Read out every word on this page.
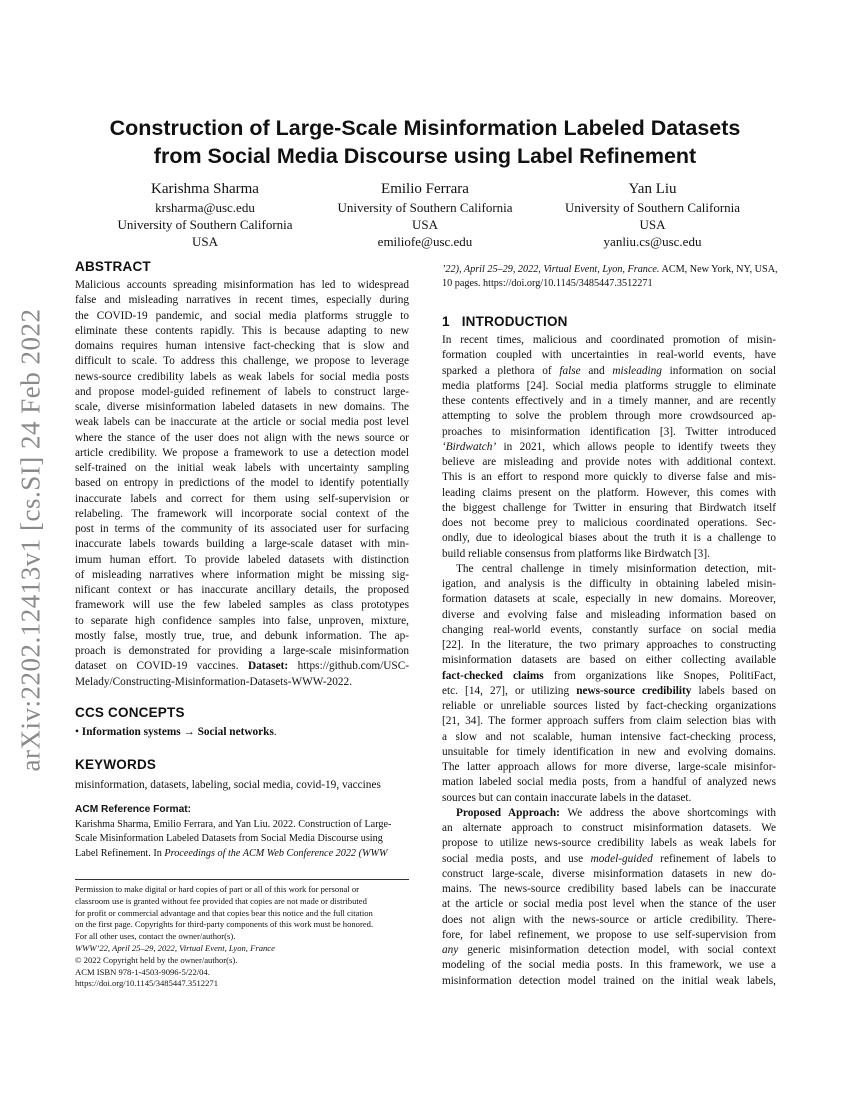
arXiv:2202.12413v1 [cs.SI] 24 Feb 2022
Construction of Large-Scale Misinformation Labeled Datasets
from Social Media Discourse using Label Refinement
Karishma Sharma
krsharma@usc.edu
University of Southern California
USA
Emilio Ferrara
University of Southern California
USA
emiliofe@usc.edu
Yan Liu
University of Southern California
USA
yanliu.cs@usc.edu
ABSTRACT
Malicious accounts spreading misinformation has led to widespread
false and misleading narratives in recent times, especially during
the COVID-19 pandemic, and social media platforms struggle to
eliminate these contents rapidly. This is because adapting to new
domains requires human intensive fact-checking that is slow and
difficult to scale. To address this challenge, we propose to leverage
news-source credibility labels as weak labels for social media posts
and propose model-guided refinement of labels to construct large-
scale, diverse misinformation labeled datasets in new domains. The
weak labels can be inaccurate at the article or social media post level
where the stance of the user does not align with the news source or
article credibility. We propose a framework to use a detection model
self-trained on the initial weak labels with uncertainty sampling
based on entropy in predictions of the model to identify potentially
inaccurate labels and correct for them using self-supervision or
relabeling. The framework will incorporate social context of the
post in terms of the community of its associated user for surfacing
inaccurate labels towards building a large-scale dataset with min-
imum human effort. To provide labeled datasets with distinction
of misleading narratives where information might be missing sig-
nificant context or has inaccurate ancillary details, the proposed
framework will use the few labeled samples as class prototypes
to separate high confidence samples into false, unproven, mixture,
mostly false, mostly true, true, and debunk information. The ap-
proach is demonstrated for providing a large-scale misinformation
dataset on COVID-19 vaccines. Dataset: https://github.com/USC-
Melady/Constructing-Misinformation-Datasets-WWW-2022.
CCS CONCEPTS
• Information systems → Social networks.
KEYWORDS
misinformation, datasets, labeling, social media, covid-19, vaccines
ACM Reference Format:
Karishma Sharma, Emilio Ferrara, and Yan Liu. 2022. Construction of Large-
Scale Misinformation Labeled Datasets from Social Media Discourse using
Label Refinement. In Proceedings of the ACM Web Conference 2022 (WWW
Permission to make digital or hard copies of part or all of this work for personal or
classroom use is granted without fee provided that copies are not made or distributed
for profit or commercial advantage and that copies bear this notice and the full citation
on the first page. Copyrights for third-party components of this work must be honored.
For all other uses, contact the owner/author(s).
WWW’22, April 25–29, 2022, Virtual Event, Lyon, France
© 2022 Copyright held by the owner/author(s).
ACM ISBN 978-1-4503-9096-5/22/04.
https://doi.org/10.1145/3485447.3512271
’22), April 25–29, 2022, Virtual Event, Lyon, France. ACM, New York, NY, USA,
10 pages. https://doi.org/10.1145/3485447.3512271
1 INTRODUCTION
In recent times, malicious and coordinated promotion of misin-
formation coupled with uncertainties in real-world events, have
sparked a plethora of false and misleading information on social
media platforms [24]. Social media platforms struggle to eliminate
these contents effectively and in a timely manner, and are recently
attempting to solve the problem through more crowdsourced ap-
proaches to misinformation identification [3]. Twitter introduced
‘Birdwatch’ in 2021, which allows people to identify tweets they
believe are misleading and provide notes with additional context.
This is an effort to respond more quickly to diverse false and mis-
leading claims present on the platform. However, this comes with
the biggest challenge for Twitter in ensuring that Birdwatch itself
does not become prey to malicious coordinated operations. Sec-
ondly, due to ideological biases about the truth it is a challenge to
build reliable consensus from platforms like Birdwatch [3].
The central challenge in timely misinformation detection, mit-
igation, and analysis is the difficulty in obtaining labeled misin-
formation datasets at scale, especially in new domains. Moreover,
diverse and evolving false and misleading information based on
changing real-world events, constantly surface on social media
[22]. In the literature, the two primary approaches to constructing
misinformation datasets are based on either collecting available
fact-checked claims from organizations like Snopes, PolitiFact,
etc. [14, 27], or utilizing news-source credibility labels based on
reliable or unreliable sources listed by fact-checking organizations
[21, 34]. The former approach suffers from claim selection bias with
a slow and not scalable, human intensive fact-checking process,
unsuitable for timely identification in new and evolving domains.
The latter approach allows for more diverse, large-scale misinfor-
mation labeled social media posts, from a handful of analyzed news
sources but can contain inaccurate labels in the dataset.
Proposed Approach: We address the above shortcomings with
an alternate approach to construct misinformation datasets. We
propose to utilize news-source credibility labels as weak labels for
social media posts, and use model-guided refinement of labels to
construct large-scale, diverse misinformation datasets in new do-
mains. The news-source credibility based labels can be inaccurate
at the article or social media post level when the stance of the user
does not align with the news-source or article credibility. There-
fore, for label refinement, we propose to use self-supervision from
any generic misinformation detection model, with social context
modeling of the social media posts. In this framework, we use a
misinformation detection model trained on the initial weak labels,
